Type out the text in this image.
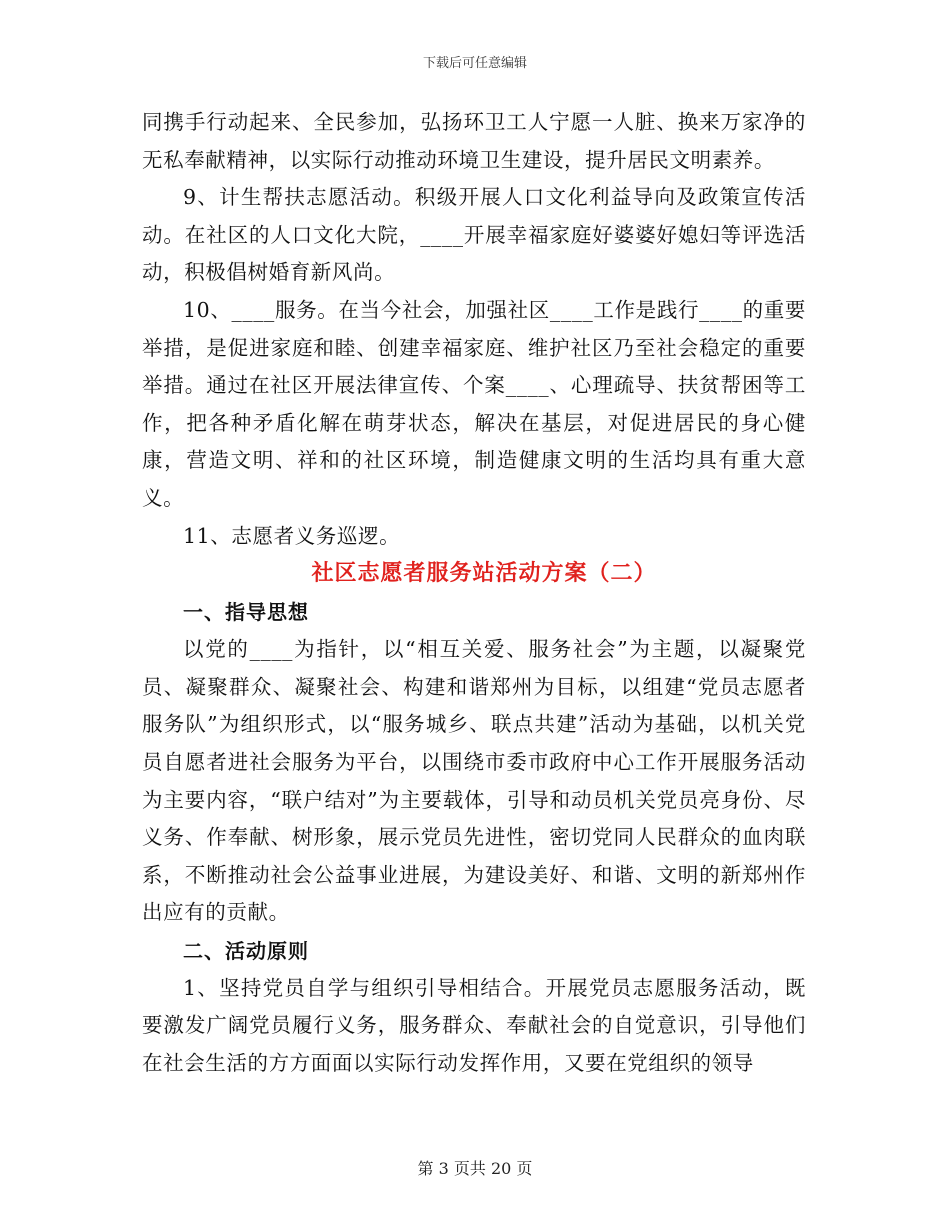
下载后可任意编辑

同携手行动起来、全民参加，弘扬环卫工人宁愿一人脏、换来万家净的无私奉献精神，以实际行动推动环境卫生建设，提升居民文明素养。

9、计生帮扶志愿活动。积级开展人口文化利益导向及政策宣传活动。在社区的人口文化大院，____开展幸福家庭好婆婆好媳妇等评选活动，积极倡树婚育新风尚。

10、____服务。在当今社会，加强社区____工作是践行____的重要举措，是促进家庭和睦、创建幸福家庭、维护社区乃至社会稳定的重要举措。通过在社区开展法律宣传、个案____、心理疏导、扶贫帮困等工作，把各种矛盾化解在萌芽状态，解决在基层，对促进居民的身心健康，营造文明、祥和的社区环境，制造健康文明的生活均具有重大意义。

11、志愿者义务巡逻。

社区志愿者服务站活动方案（二）
一、指导思想

以党的____为指针，以“相互关爱、服务社会”为主题，以凝聚党员、凝聚群众、凝聚社会、构建和谐郑州为目标，以组建“党员志愿者服务队”为组织形式，以“服务城乡、联点共建”活动为基础，以机关党员自愿者进社会服务为平台，以围绕市委市政府中心工作开展服务活动为主要内容，“联户结对”为主要载体，引导和动员机关党员亮身份、尽义务、作奉献、树形象，展示党员先进性，密切党同人民群众的血肉联系，不断推动社会公益事业进展，为建设美好、和谐、文明的新郑州作出应有的贡献。

二、活动原则

1、坚持党员自学与组织引导相结合。开展党员志愿服务活动，既要激发广阔党员履行义务，服务群众、奉献社会的自觉意识，引导他们在社会生活的方方面面以实际行动发挥作用，又要在党组织的领导

第 3 页共 20 页
